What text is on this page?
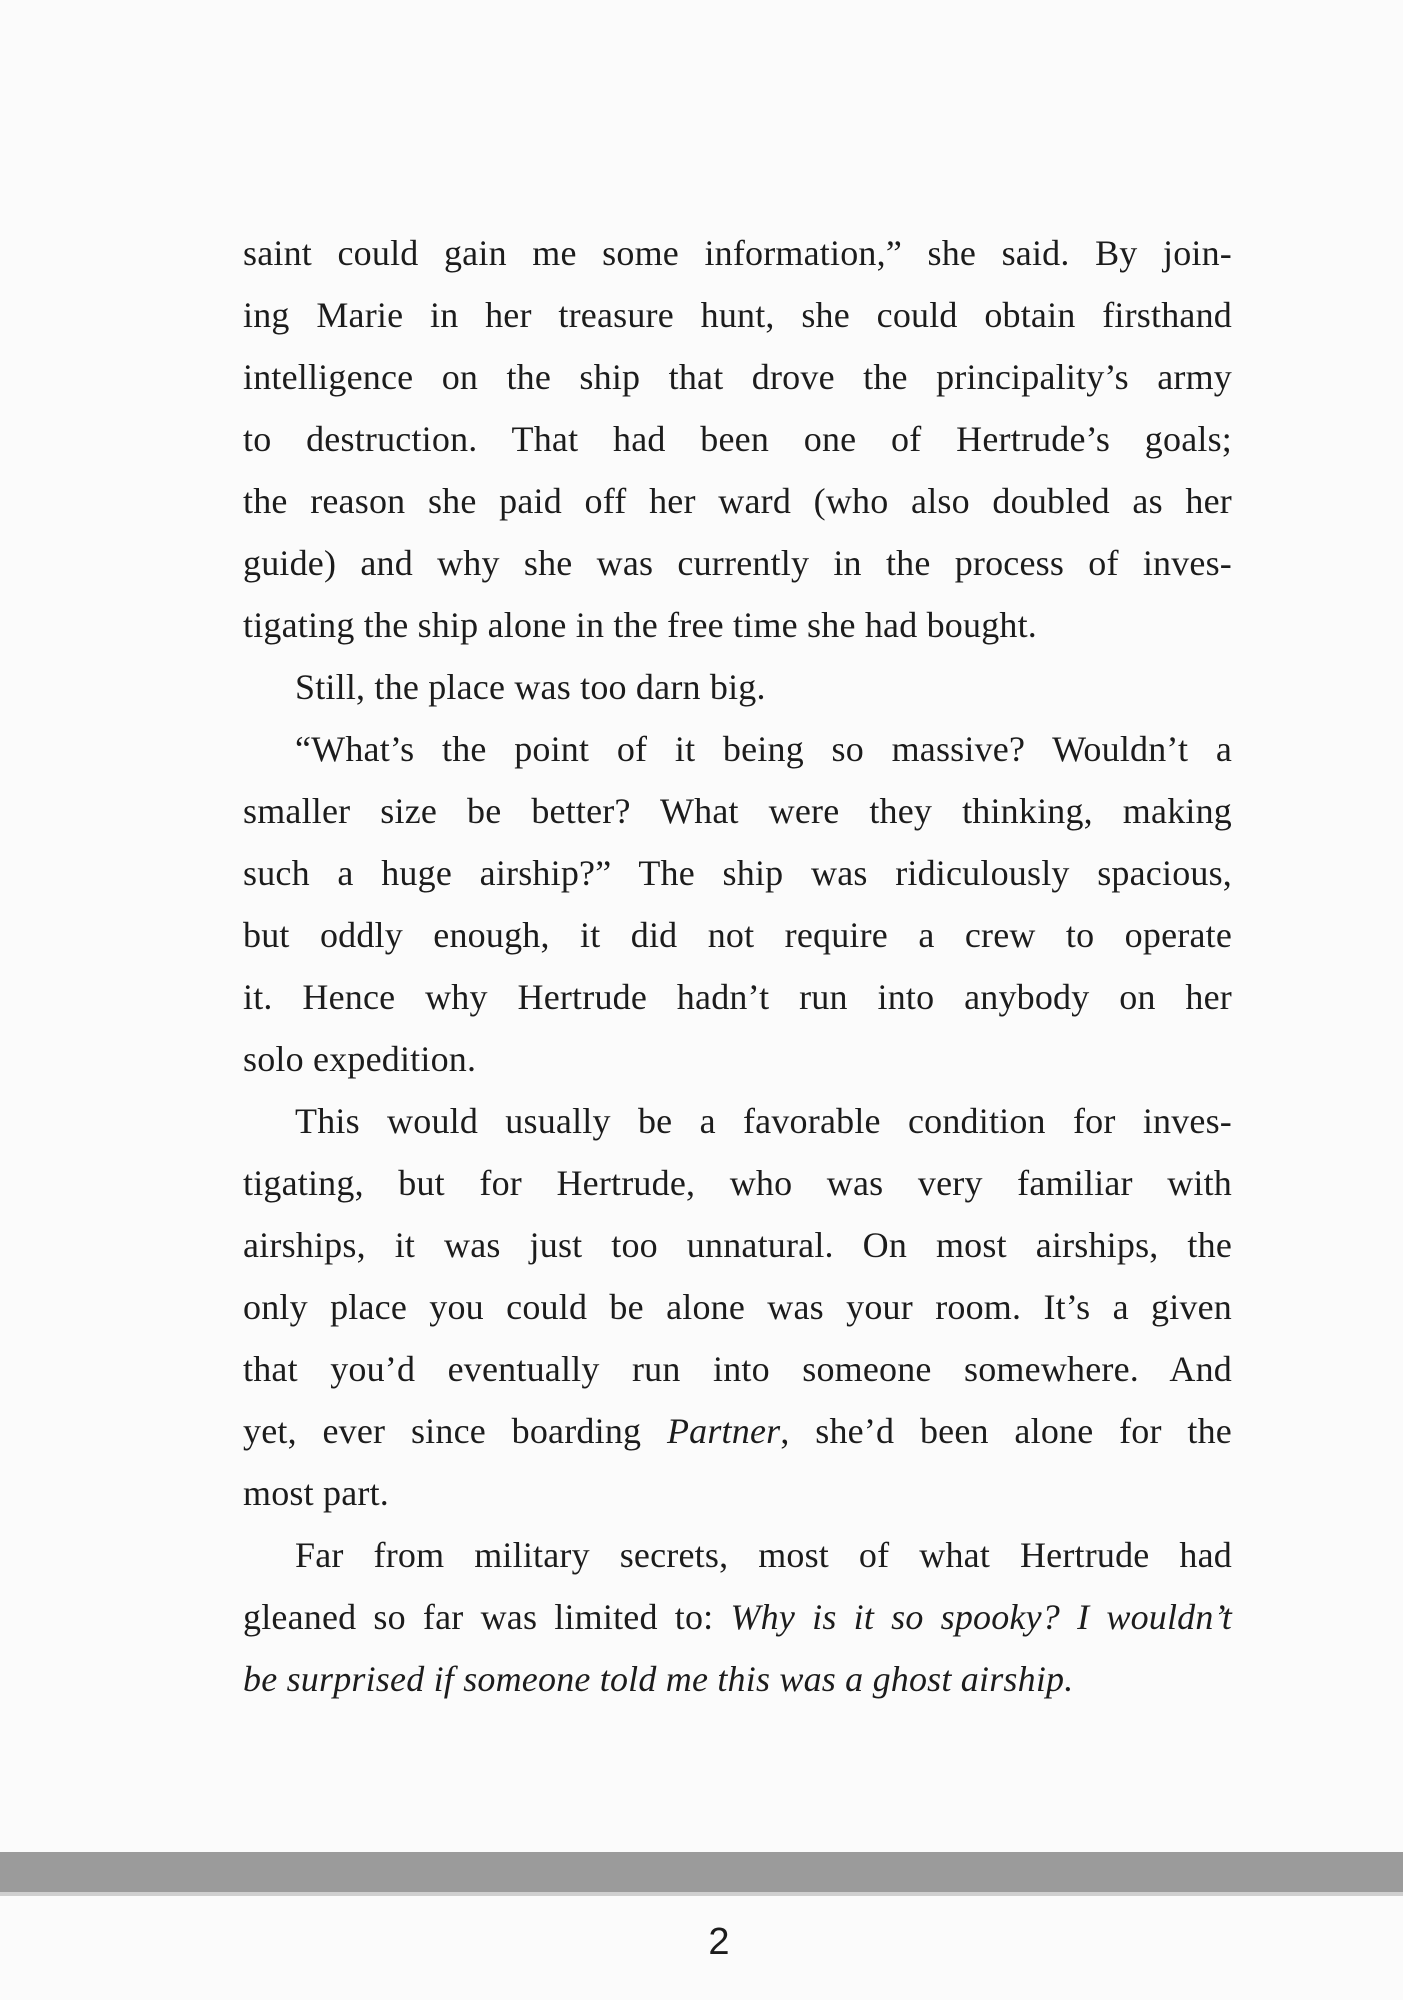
saint could gain me some information,” she said. By join-
ing Marie in her treasure hunt, she could obtain firsthand
intelligence on the ship that drove the principality’s army
to destruction. That had been one of Hertrude’s goals;
the reason she paid off her ward (who also doubled as her
guide) and why she was currently in the process of inves-
tigating the ship alone in the free time she had bought.
Still, the place was too darn big.
“What’s the point of it being so massive? Wouldn’t a
smaller size be better? What were they thinking, making
such a huge airship?” The ship was ridiculously spacious,
but oddly enough, it did not require a crew to operate
it. Hence why Hertrude hadn’t run into anybody on her
solo expedition.
This would usually be a favorable condition for inves-
tigating, but for Hertrude, who was very familiar with
airships, it was just too unnatural. On most airships, the
only place you could be alone was your room. It’s a given
that you’d eventually run into someone somewhere. And
yet, ever since boarding Partner, she’d been alone for the
most part.
Far from military secrets, most of what Hertrude had
gleaned so far was limited to: Why is it so spooky? I wouldn’t
be surprised if someone told me this was a ghost airship.
2
